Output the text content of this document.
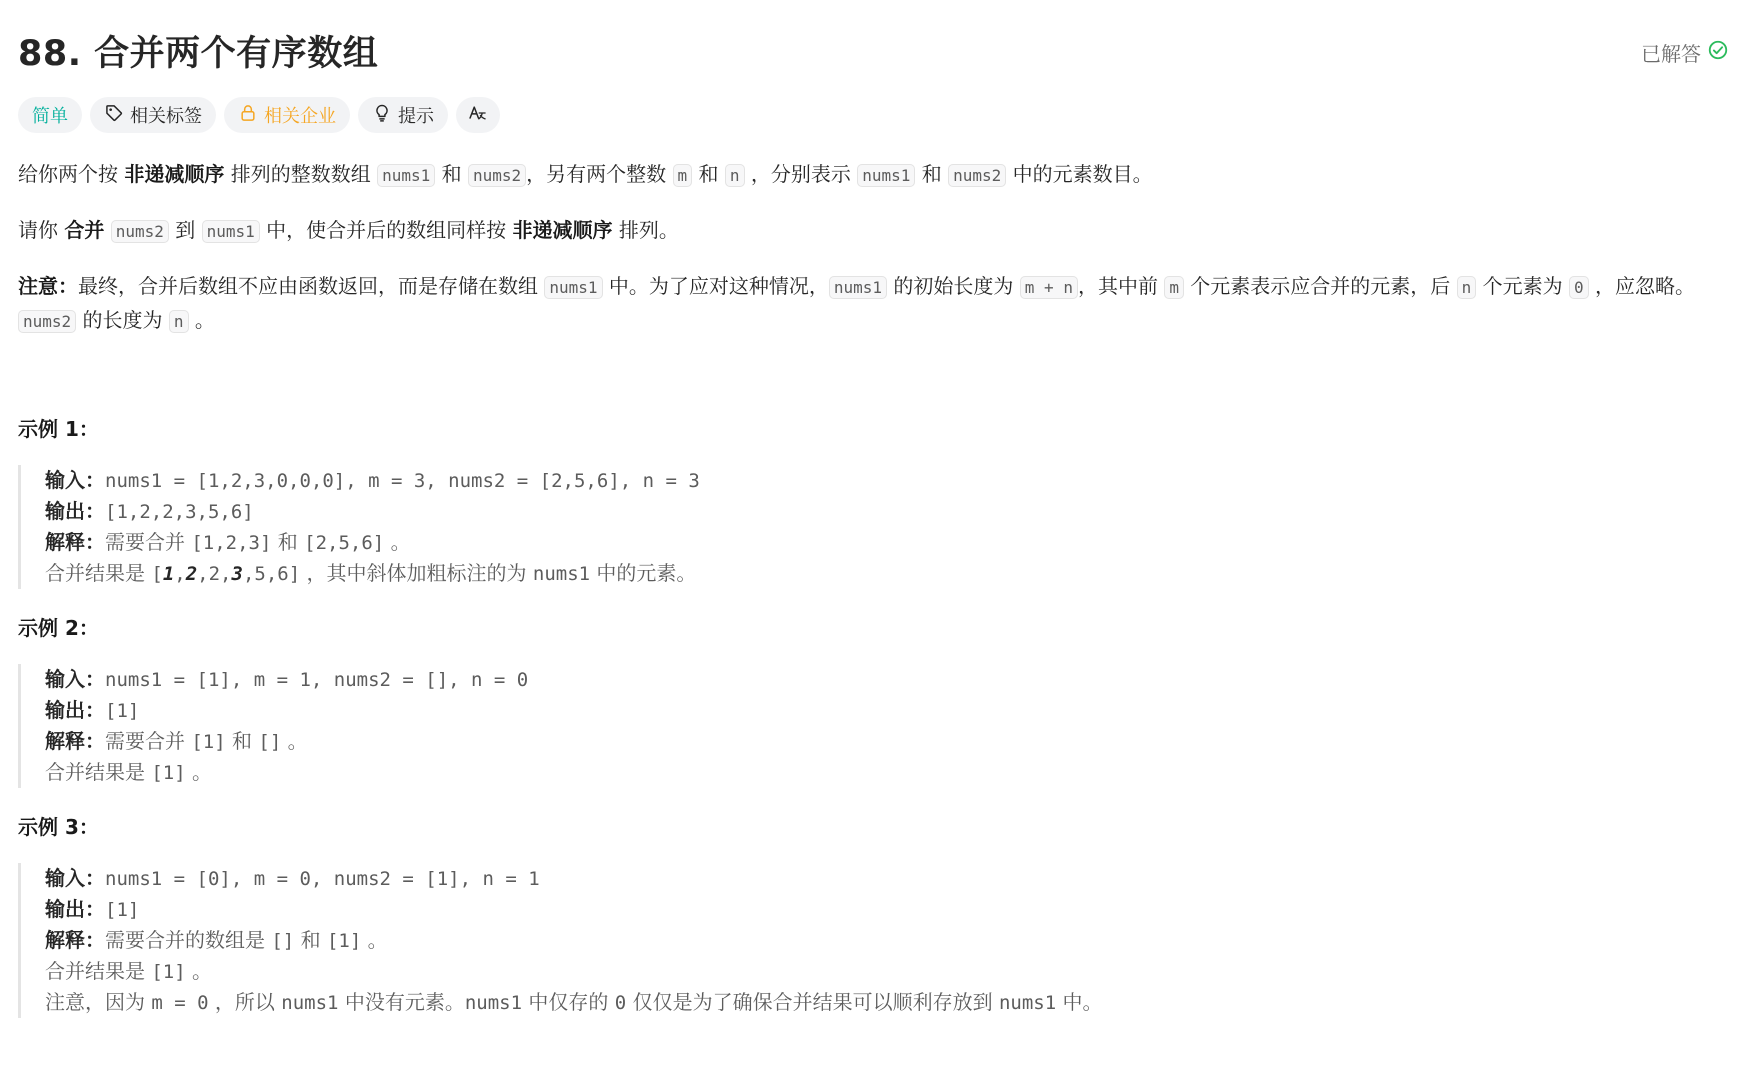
88. 合并两个有序数组	已解答
简单	相关标签	相关企业	提示
给你两个按 非递减顺序 排列的整数数组 nums1 和 nums2 ，另有两个整数 m 和 n ，分别表示 nums1 和 nums2 中的元素数目。
请你 合并 nums2 到 nums1 中，使合并后的数组同样按 非递减顺序 排列。
注意：最终，合并后数组不应由函数返回，而是存储在数组 nums1 中。为了应对这种情况， nums1 的初始长度为 m + n ，其中前 m 个元素表示应合并的元素，后 n 个元素为 0 ，应忽略。nums2 的长度为 n 。
示例 1：
输入：nums1 = [1,2,3,0,0,0], m = 3, nums2 = [2,5,6], n = 3
输出：[1,2,2,3,5,6]
解释：需要合并 [1,2,3] 和 [2,5,6] 。
合并结果是 [1,2,2,3,5,6] ，其中斜体加粗标注的为 nums1 中的元素。
示例 2：
输入：nums1 = [1], m = 1, nums2 = [], n = 0
输出：[1]
解释：需要合并 [1] 和 [] 。
合并结果是 [1] 。
示例 3：
输入：nums1 = [0], m = 0, nums2 = [1], n = 1
输出：[1]
解释：需要合并的数组是 [] 和 [1] 。
合并结果是 [1] 。
注意，因为 m = 0 ，所以 nums1 中没有元素。nums1 中仅存的 0 仅仅是为了确保合并结果可以顺利存放到 nums1 中。
